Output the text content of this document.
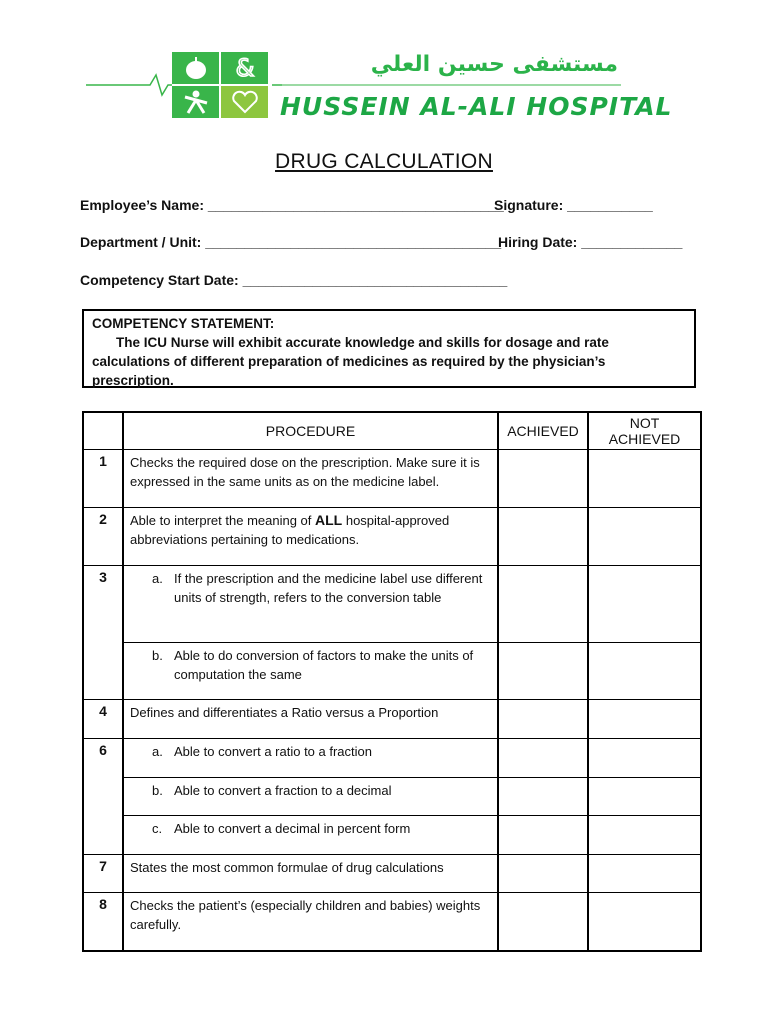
&	مستشفى حسين العلي
HUSSEIN AL-ALI HOSPITAL
DRUG CALCULATION
Employee’s Name: ______________________________________
Signature: ___________
Department / Unit: ______________________________________
Hiring Date: _____________
Competency Start Date: __________________________________
COMPETENCY STATEMENT:
The ICU Nurse will exhibit accurate knowledge and skills for dosage and rate calculations of different preparation of medicines as required by the physician’s prescription.
	PROCEDURE	ACHIEVED	NOT ACHIEVED
1	Checks the required dose on the prescription. Make sure it is expressed in the same units as on the medicine label.		
2	Able to interpret the meaning of ALL hospital-approved abbreviations pertaining to medications.		
3	a. If the prescription and the medicine label use different units of strength, refers to the conversion table		

	b. Able to do conversion of factors to make the units of computation the same		

4	Defines and differentiates a Ratio versus a Proportion		
6	a. Able to convert a ratio to a fraction		

	b. Able to convert a fraction to a decimal		

	c. Able to convert a decimal in percent form		

7	States the most common formulae of drug calculations		
8	Checks the patient’s (especially children and babies) weights carefully.		
